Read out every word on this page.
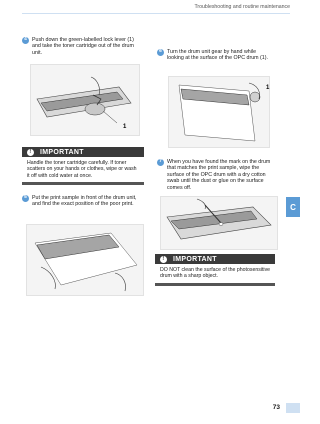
Troubleshooting and routine maintenance
C
4 Push down the green-labelled lock lever (1) and take the toner cartridge out of the drum unit.
1
!	IMPORTANT
Handle the toner cartridge carefully. If toner scatters on your hands or clothes, wipe or wash it off with cold water at once.
5 Put the print sample in front of the drum unit, and find the exact position of the poor print.
6 Turn the drum unit gear by hand while looking at the surface of the OPC drum (1).
1
7 When you have found the mark on the drum that matches the print sample, wipe the surface of the OPC drum with a dry cotton swab until the dust or glue on the surface comes off.
!	IMPORTANT
DO NOT clean the surface of the photosensitive drum with a sharp object.
73
